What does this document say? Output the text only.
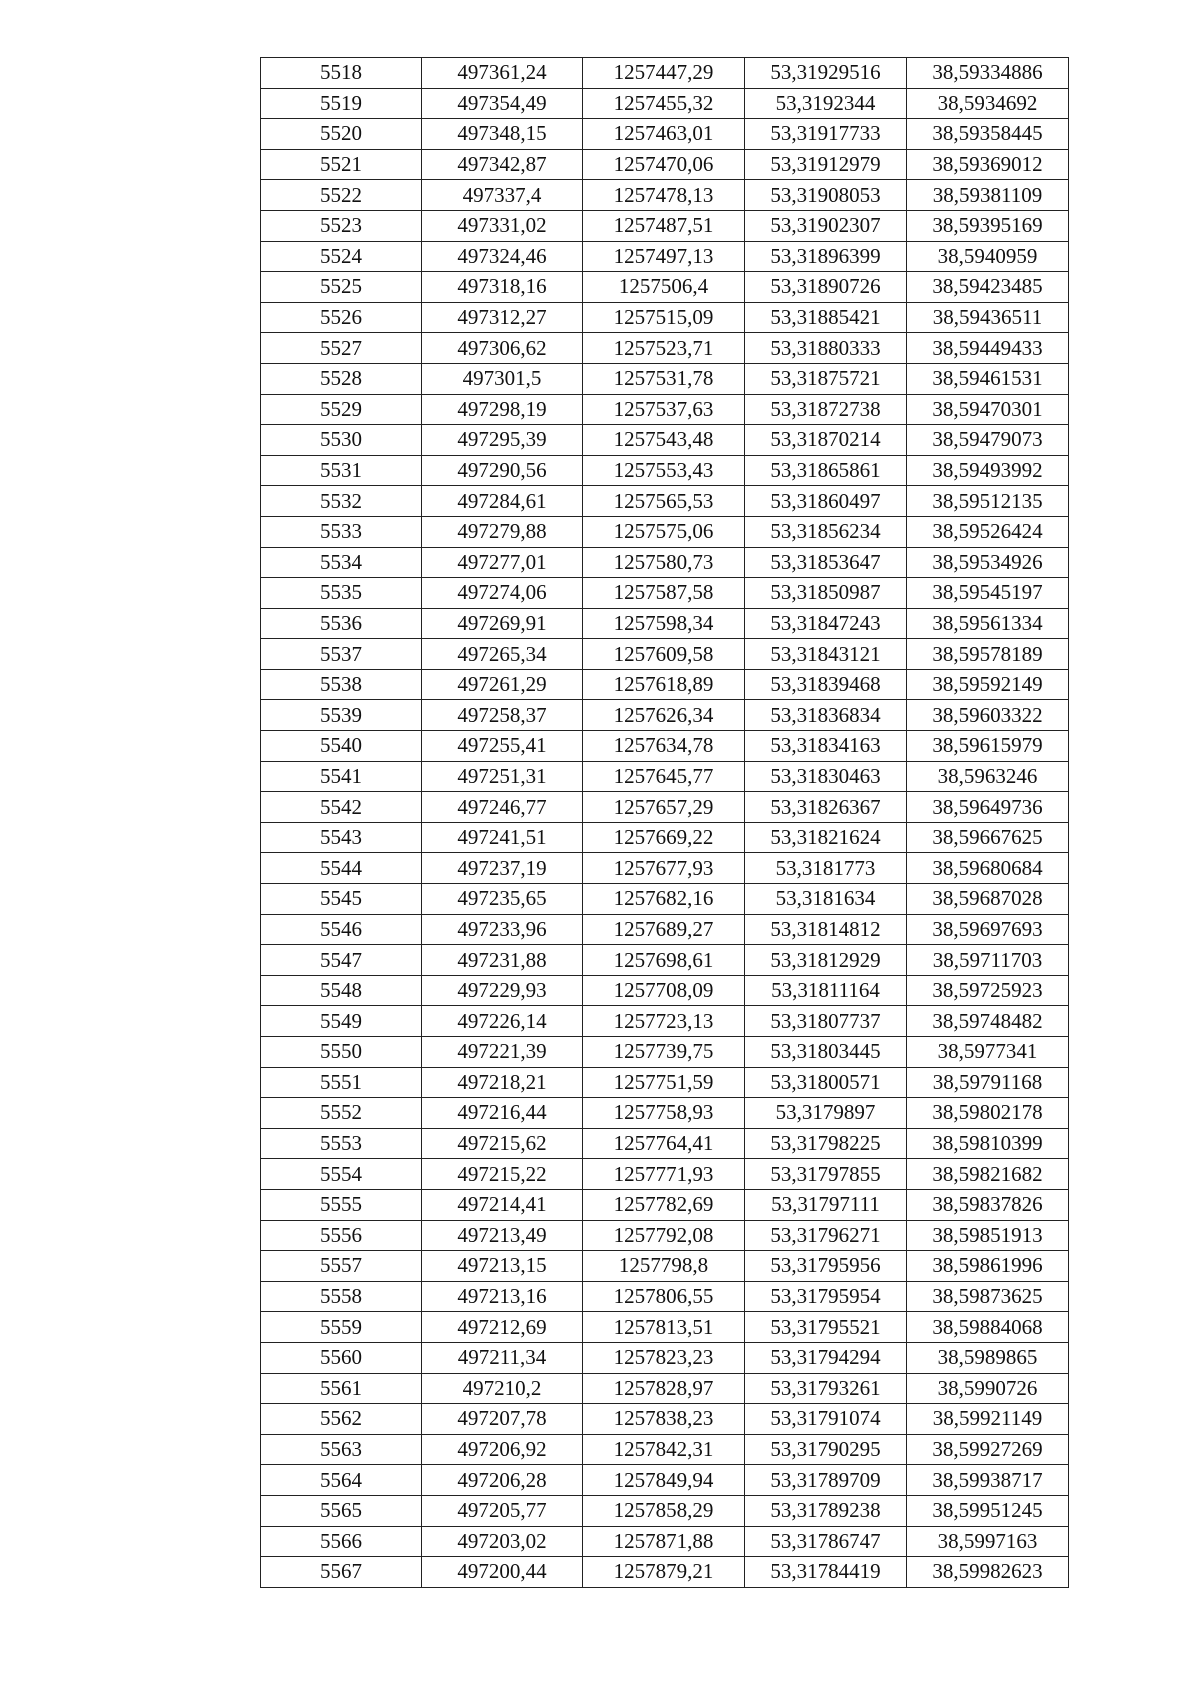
5518	497361,24	1257447,29	53,31929516	38,59334886
5519	497354,49	1257455,32	53,3192344	38,5934692
5520	497348,15	1257463,01	53,31917733	38,59358445
5521	497342,87	1257470,06	53,31912979	38,59369012
5522	497337,4	1257478,13	53,31908053	38,59381109
5523	497331,02	1257487,51	53,31902307	38,59395169
5524	497324,46	1257497,13	53,31896399	38,5940959
5525	497318,16	1257506,4	53,31890726	38,59423485
5526	497312,27	1257515,09	53,31885421	38,59436511
5527	497306,62	1257523,71	53,31880333	38,59449433
5528	497301,5	1257531,78	53,31875721	38,59461531
5529	497298,19	1257537,63	53,31872738	38,59470301
5530	497295,39	1257543,48	53,31870214	38,59479073
5531	497290,56	1257553,43	53,31865861	38,59493992
5532	497284,61	1257565,53	53,31860497	38,59512135
5533	497279,88	1257575,06	53,31856234	38,59526424
5534	497277,01	1257580,73	53,31853647	38,59534926
5535	497274,06	1257587,58	53,31850987	38,59545197
5536	497269,91	1257598,34	53,31847243	38,59561334
5537	497265,34	1257609,58	53,31843121	38,59578189
5538	497261,29	1257618,89	53,31839468	38,59592149
5539	497258,37	1257626,34	53,31836834	38,59603322
5540	497255,41	1257634,78	53,31834163	38,59615979
5541	497251,31	1257645,77	53,31830463	38,5963246
5542	497246,77	1257657,29	53,31826367	38,59649736
5543	497241,51	1257669,22	53,31821624	38,59667625
5544	497237,19	1257677,93	53,3181773	38,59680684
5545	497235,65	1257682,16	53,3181634	38,59687028
5546	497233,96	1257689,27	53,31814812	38,59697693
5547	497231,88	1257698,61	53,31812929	38,59711703
5548	497229,93	1257708,09	53,31811164	38,59725923
5549	497226,14	1257723,13	53,31807737	38,59748482
5550	497221,39	1257739,75	53,31803445	38,5977341
5551	497218,21	1257751,59	53,31800571	38,59791168
5552	497216,44	1257758,93	53,3179897	38,59802178
5553	497215,62	1257764,41	53,31798225	38,59810399
5554	497215,22	1257771,93	53,31797855	38,59821682
5555	497214,41	1257782,69	53,31797111	38,59837826
5556	497213,49	1257792,08	53,31796271	38,59851913
5557	497213,15	1257798,8	53,31795956	38,59861996
5558	497213,16	1257806,55	53,31795954	38,59873625
5559	497212,69	1257813,51	53,31795521	38,59884068
5560	497211,34	1257823,23	53,31794294	38,5989865
5561	497210,2	1257828,97	53,31793261	38,5990726
5562	497207,78	1257838,23	53,31791074	38,59921149
5563	497206,92	1257842,31	53,31790295	38,59927269
5564	497206,28	1257849,94	53,31789709	38,59938717
5565	497205,77	1257858,29	53,31789238	38,59951245
5566	497203,02	1257871,88	53,31786747	38,5997163
5567	497200,44	1257879,21	53,31784419	38,59982623
